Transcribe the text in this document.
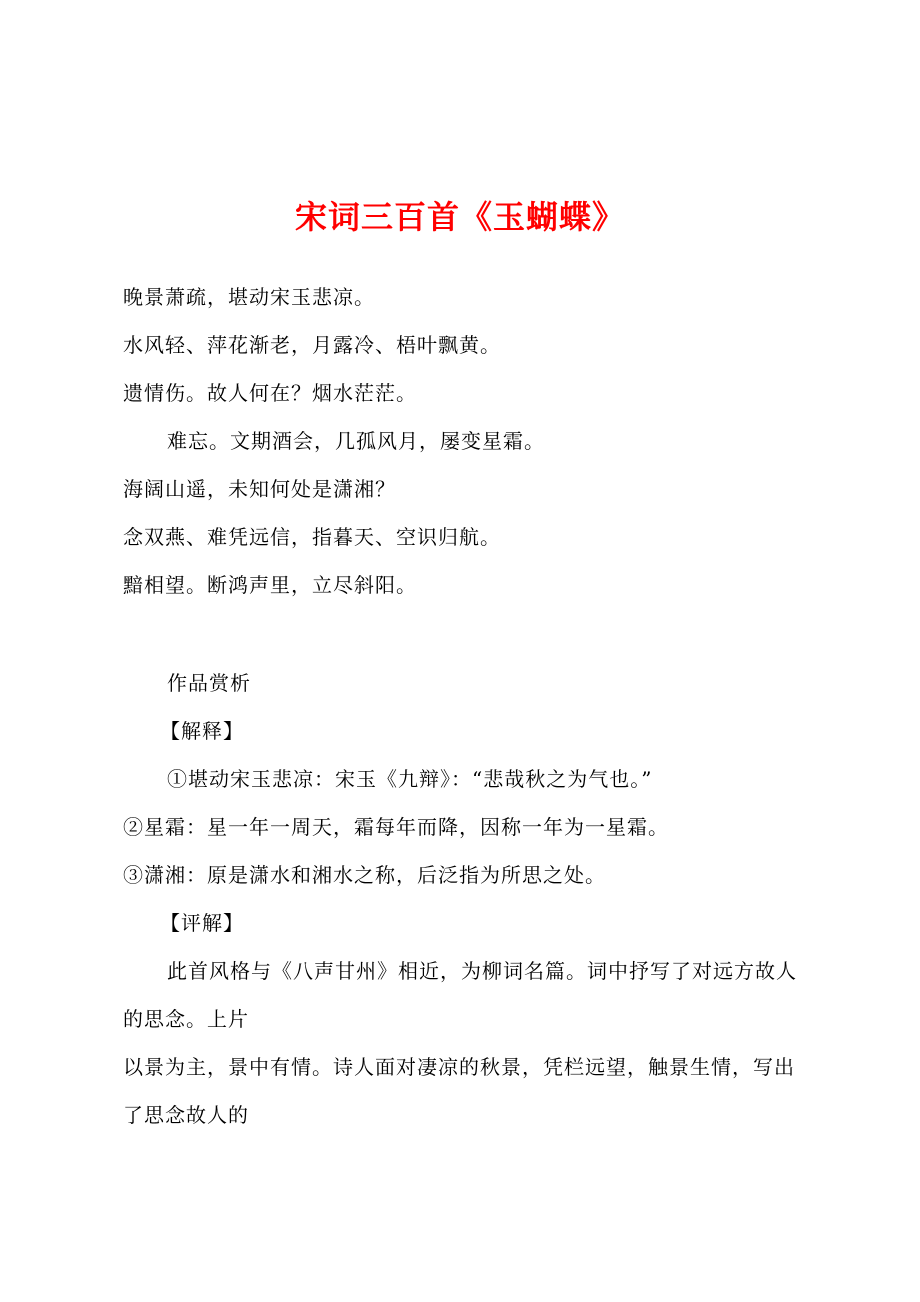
宋词三百首《玉蝴蝶》
晚景萧疏，堪动宋玉悲凉。
水风轻、萍花渐老，月露冷、梧叶飘黄。
遗情伤。故人何在？烟水茫茫。
难忘。文期酒会，几孤风月，屡变星霜。
海阔山遥，未知何处是潇湘？
念双燕、难凭远信，指暮天、空识归航。
黯相望。断鸿声里，立尽斜阳。
作品赏析
【解释】
①堪动宋玉悲凉：宋玉《九辩》：“悲哉秋之为气也。”
②星霜：星一年一周天，霜每年而降，因称一年为一星霜。
③潇湘：原是潇水和湘水之称，后泛指为所思之处。
【评解】
此首风格与《八声甘州》相近，为柳词名篇。词中抒写了对远方故人的思念。上片
以景为主，景中有情。诗人面对凄凉的秋景，凭栏远望，触景生情，写出了思念故人的
